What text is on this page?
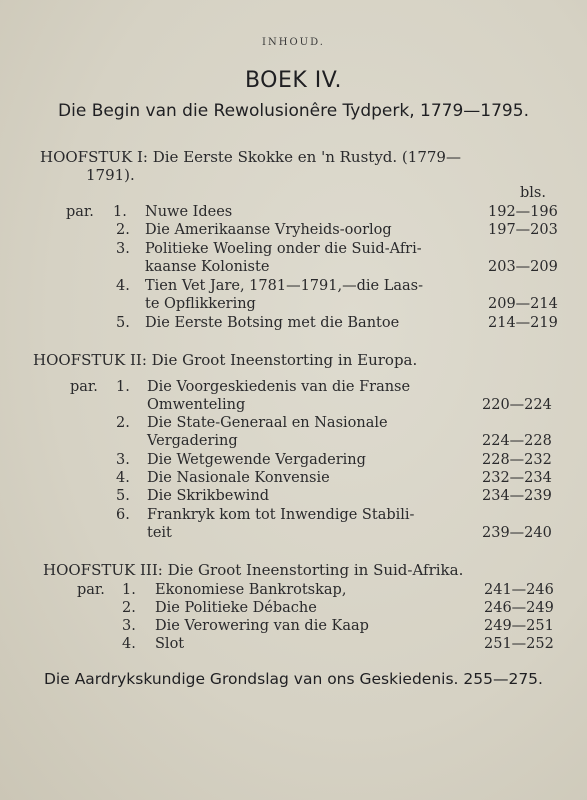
INHOUD.
BOEK IV.
Die Begin van die Rewolusionêre Tydperk, 1779—1795.
HOOFSTUK I: Die Eerste Skokke en 'n Rustyd. (1779—
1791).
bls.
par. 1. Nuwe Idees	192—196
2. Die Amerikaanse Vryheids-oorlog	197—203
3. Politieke Woeling onder die Suid-Afri-
kaanse Koloniste	203—209
4. Tien Vet Jare, 1781—1791,—die Laas-
te Opflikkering	209—214
5. Die Eerste Botsing met die Bantoe	214—219
HOOFSTUK II: Die Groot Ineenstorting in Europa.
par. 1. Die Voorgeskiedenis van die Franse
Omwenteling	220—224
2. Die State-Generaal en Nasionale
Vergadering	224—228
3. Die Wetgewende Vergadering	228—232
4. Die Nasionale Konvensie	232—234
5. Die Skrikbewind	234—239
6. Frankryk kom tot Inwendige Stabili-
teit	239—240
HOOFSTUK III: Die Groot Ineenstorting in Suid-Afrika.
par. 1. Ekonomiese Bankrotskap,	241—246
2. Die Politieke Débache	246—249
3. Die Verowering van die Kaap	249—251
4. Slot	251—252
Die Aardrykskundige Grondslag van ons Geskiedenis. 255—275.
